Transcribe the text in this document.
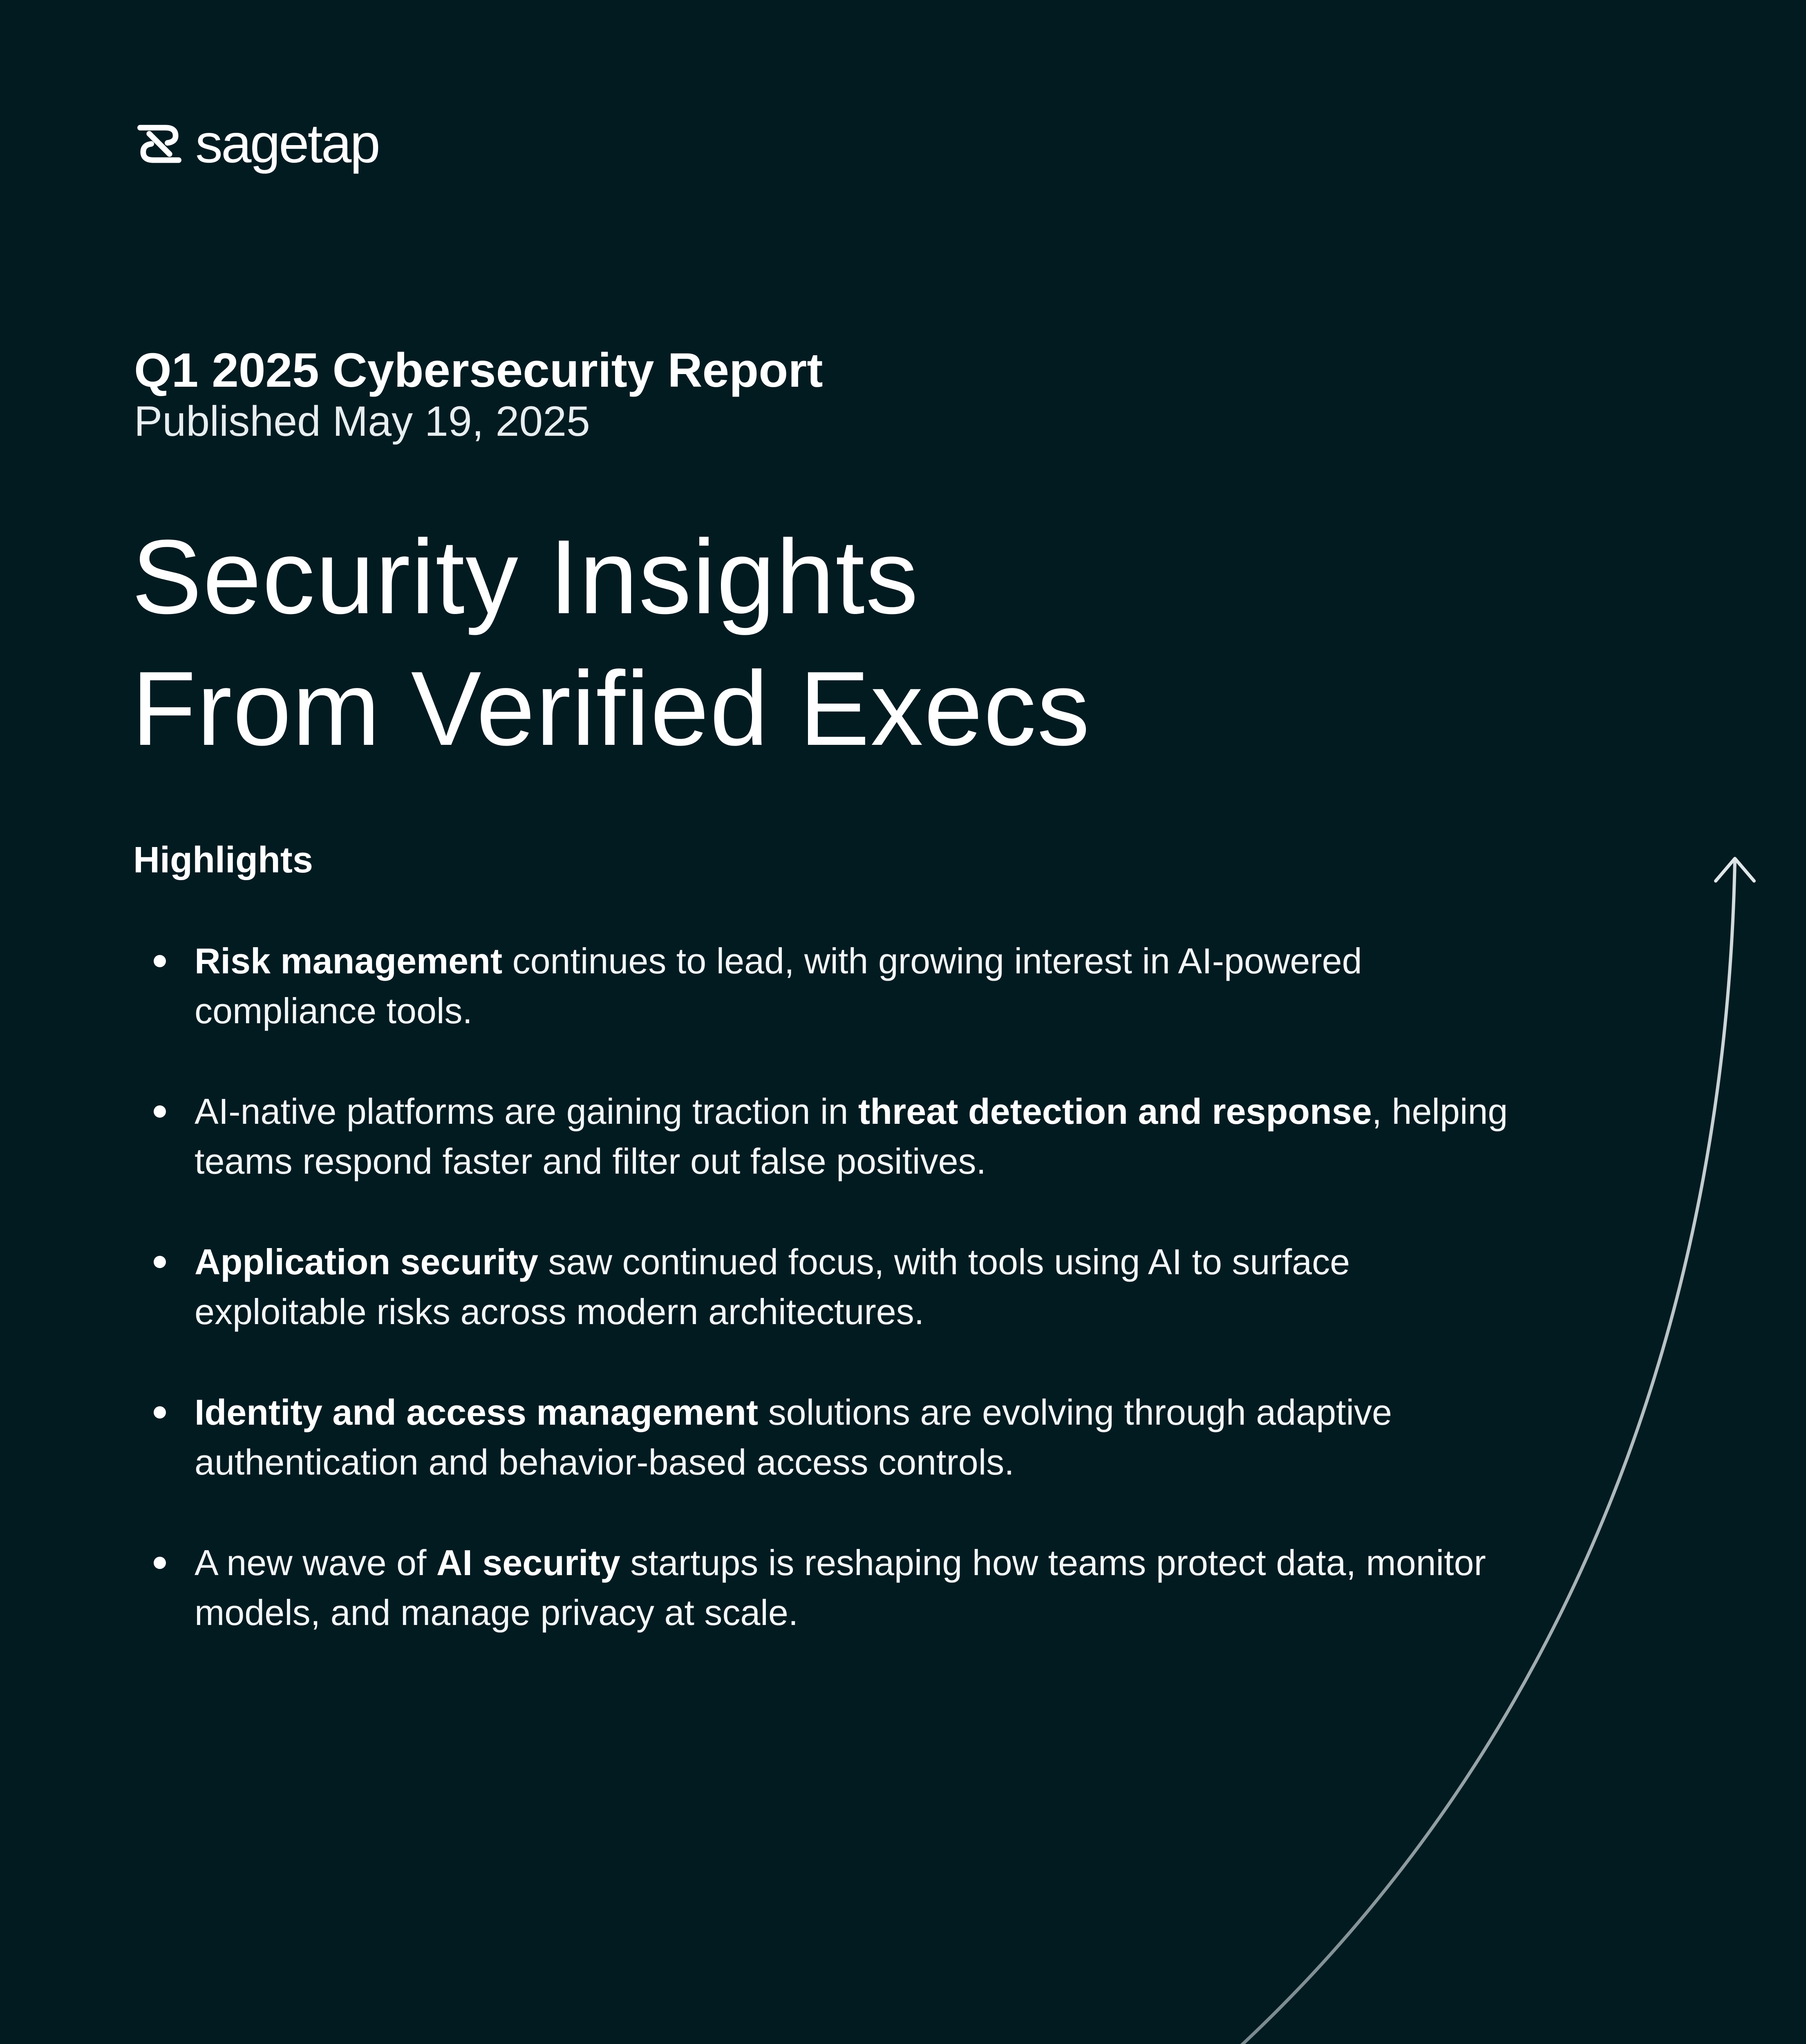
sagetap
Q1 2025 Cybersecurity Report
Published May 19, 2025
Security Insights
From Verified Execs
Highlights
Risk management continues to lead, with growing interest in AI-powered compliance tools.
AI-native platforms are gaining traction in threat detection and response, helping teams respond faster and filter out false positives.
Application security saw continued focus, with tools using AI to surface exploitable risks across modern architectures.
Identity and access management solutions are evolving through adaptive authentication and behavior-based access controls.
A new wave of AI security startups is reshaping how teams protect data, monitor models, and manage privacy at scale.
